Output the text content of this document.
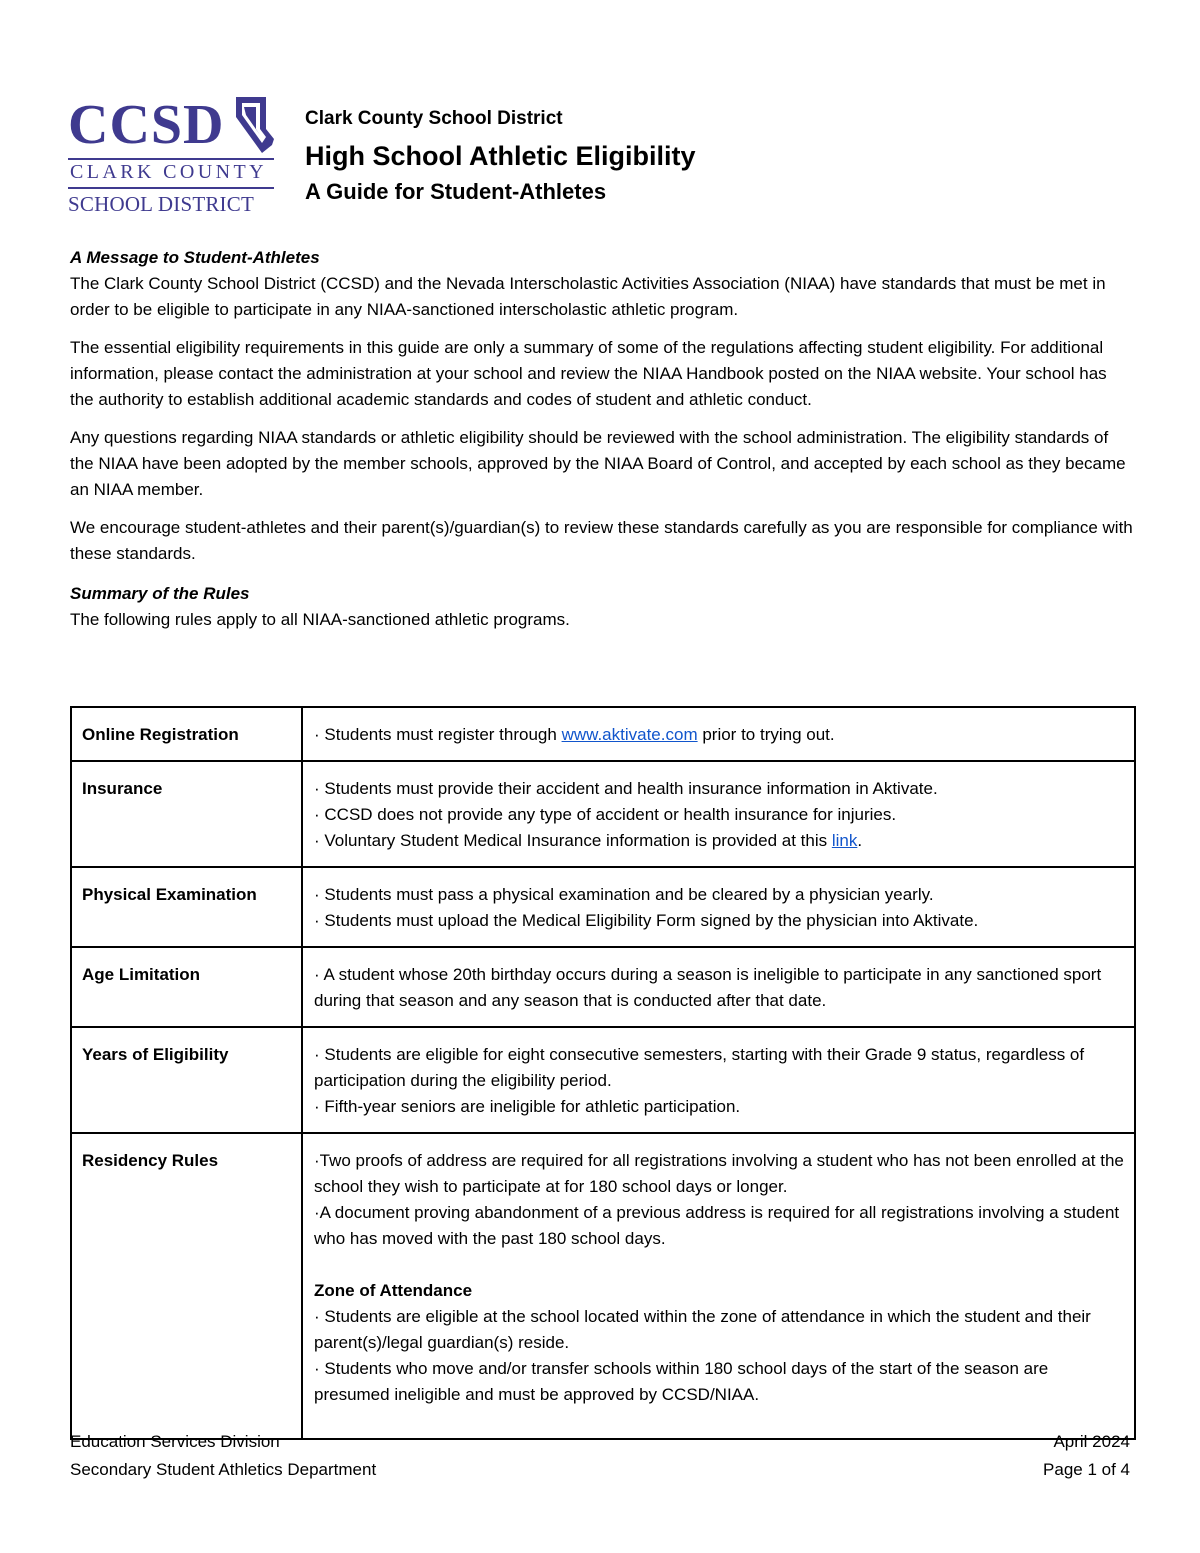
CCSD
CLARK COUNTY
SCHOOL DISTRICT
Clark County School District
High School Athletic Eligibility
A Guide for Student-Athletes
A Message to Student-Athletes

The Clark County School District (CCSD) and the Nevada Interscholastic Activities Association (NIAA) have standards that must be met in order to be eligible to participate in any NIAA-sanctioned interscholastic athletic program.

The essential eligibility requirements in this guide are only a summary of some of the regulations affecting student eligibility. For additional information, please contact the administration at your school and review the NIAA Handbook posted on the NIAA website. Your school has the authority to establish additional academic standards and codes of student and athletic conduct.

Any questions regarding NIAA standards or athletic eligibility should be reviewed with the school administration. The eligibility standards of the NIAA have been adopted by the member schools, approved by the NIAA Board of Control, and accepted by each school as they became an NIAA member.

We encourage student-athletes and their parent(s)/guardian(s) to review these standards carefully as you are responsible for compliance with these standards.

Summary of the Rules
The following rules apply to all NIAA-sanctioned athletic programs.
Online Registration	· Students must register through www.aktivate.com prior to trying out.
Insurance	· Students must provide their accident and health insurance information in Aktivate.
· CCSD does not provide any type of accident or health insurance for injuries.
· Voluntary Student Medical Insurance information is provided at this link.

Physical Examination	· Students must pass a physical examination and be cleared by a physician yearly.
· Students must upload the Medical Eligibility Form signed by the physician into Aktivate.

Age Limitation	· A student whose 20th birthday occurs during a season is ineligible to participate in any sanctioned sport during that season and any season that is conducted after that date.

Years of Eligibility	· Students are eligible for eight consecutive semesters, starting with their Grade 9 status, regardless of participation during the eligibility period.
· Fifth-year seniors are ineligible for athletic participation.

Residency Rules	·Two proofs of address are required for all registrations involving a student who has not been enrolled at the school they wish to participate at for 180 school days or longer.
·A document proving abandonment of a previous address is required for all registrations involving a student who has moved with the past 180 school days.
Zone of Attendance
· Students are eligible at the school located within the zone of attendance in which the student and their parent(s)/legal guardian(s) reside.
· Students who move and/or transfer schools within 180 school days of the start of the season are presumed ineligible and must be approved by CCSD/NIAA.
Education Services Division	April 2024
Secondary Student Athletics Department	Page 1 of 4
